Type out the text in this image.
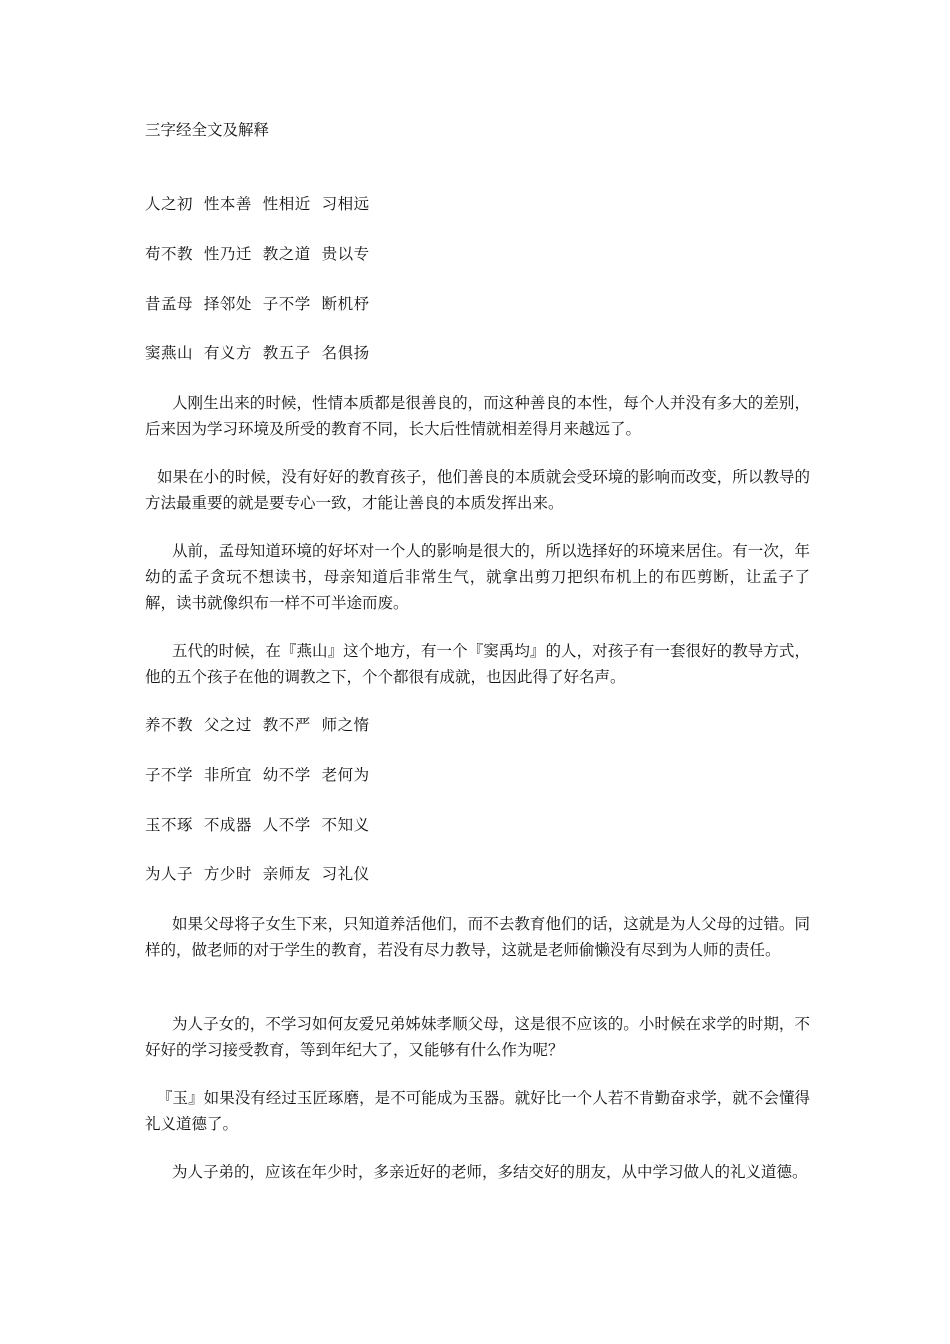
三字经全文及解释

人之初  性本善  性相近  习相远

苟不教  性乃迁  教之道  贵以专

昔孟母  择邻处  子不学  断机杼

窦燕山  有义方  教五子  名俱扬

人刚生出来的时候，性情本质都是很善良的，而这种善良的本性，每个人并没有多大的差别，后来因为学习环境及所受的教育不同，长大后性情就相差得月来越远了。

如果在小的时候，没有好好的教育孩子，他们善良的本质就会受环境的影响而改变，所以教导的方法最重要的就是要专心一致，才能让善良的本质发挥出来。

从前，孟母知道环境的好坏对一个人的影响是很大的，所以选择好的环境来居住。有一次，年幼的孟子贪玩不想读书，母亲知道后非常生气，就拿出剪刀把织布机上的布匹剪断，让孟子了解，读书就像织布一样不可半途而废。

五代的时候，在『燕山』这个地方，有一个『窦禹均』的人，对孩子有一套很好的教导方式，他的五个孩子在他的调教之下，个个都很有成就，也因此得了好名声。

养不教  父之过  教不严  师之惰

子不学  非所宜  幼不学  老何为

玉不琢  不成器  人不学  不知义

为人子  方少时  亲师友  习礼仪

如果父母将子女生下来，只知道养活他们，而不去教育他们的话，这就是为人父母的过错。同样的，做老师的对于学生的教育，若没有尽力教导，这就是老师偷懒没有尽到为人师的责任。

为人子女的，不学习如何友爱兄弟姊妹孝顺父母，这是很不应该的。小时候在求学的时期，不好好的学习接受教育，等到年纪大了，又能够有什么作为呢？

『玉』如果没有经过玉匠琢磨，是不可能成为玉器。就好比一个人若不肯勤奋求学，就不会懂得礼义道德了。

为人子弟的，应该在年少时，多亲近好的老师，多结交好的朋友，从中学习做人的礼义道德。
